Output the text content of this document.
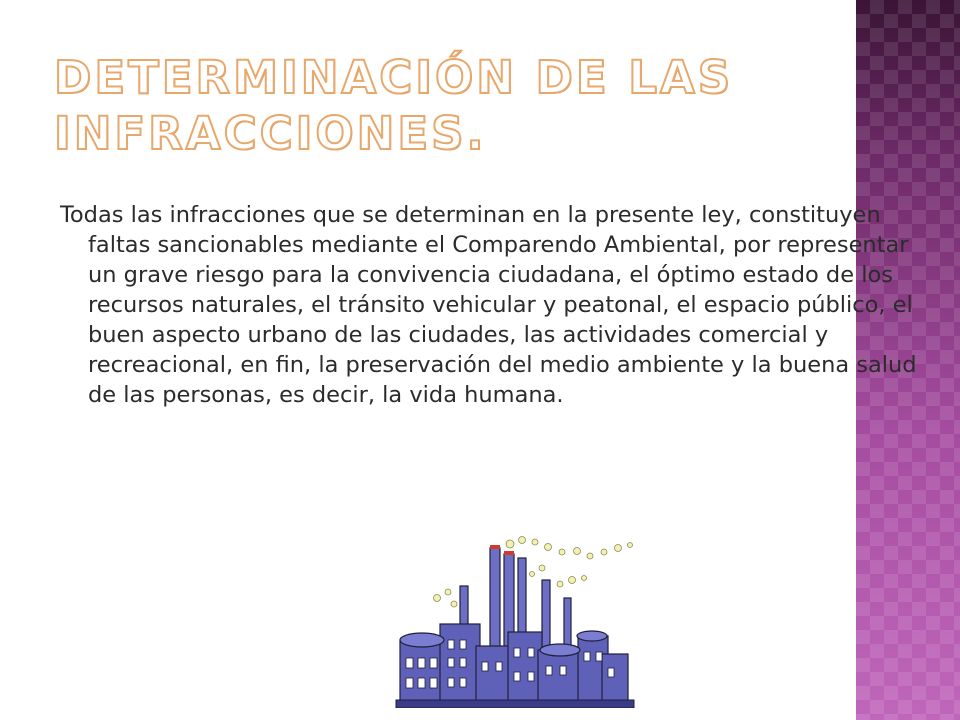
DETERMINACIÓN DE LAS INFRACCIONES.

Todas las infracciones que se determinan en la presente ley, constituyen faltas sancionables mediante el Comparendo Ambiental, por representar un grave riesgo para la convivencia ciudadana, el óptimo estado de los recursos naturales, el tránsito vehicular y peatonal, el espacio público, el buen aspecto urbano de las ciudades, las actividades comercial y recreacional, en fin, la preservación del medio ambiente y la buena salud de las personas, es decir, la vida humana.
